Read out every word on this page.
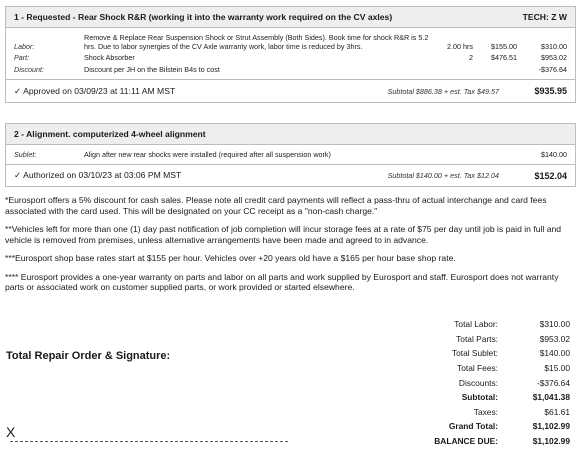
1 - Requested - Rear Shock R&R (working it into the warranty work required on the CV axles)	TECH: Z W
Labor:
Remove & Replace Rear Suspension Shock or Strut Assembly (Both Sides). Book time for shock R&R is 5.2 hrs. Due to labor synergies of the CV Axle warranty work, labor time is reduced by 3hrs.	2.00 hrs	$155.00	$310.00
Part:	Shock Absorber	2	$476.51	$953.02
Discount:	Discount per JH on the Bilstein B4s to cost	-$376.64
✓ Approved on 03/09/23 at 11:11 AM MST	Subtotal $886.38 + est. Tax $49.57	$935.95
2 - Alignment. computerized 4-wheel alignment
Sublet:	Align after new rear shocks were installed (required after all suspension work)	$140.00
✓ Authorized on 03/10/23 at 03:06 PM MST	Subtotal $140.00 + est. Tax $12.04	$152.04

*Eurosport offers a 5% discount for cash sales. Please note all credit card payments will reflect a pass-thru of actual interchange and card fees associated with the card used. This will be designated on your CC receipt as a "non-cash charge."

**Vehicles left for more than one (1) day past notification of job completion will incur storage fees at a rate of $75 per day until job is paid in full and vehicle is removed from premises, unless alternative arrangements have been made and agreed to in advance.

***Eurosport shop base rates start at $155 per hour. Vehicles over +20 years old have a $165 per hour base shop rate.

**** Eurosport provides a one-year warranty on parts and labor on all parts and work supplied by Eurosport and staff. Eurosport does not warranty parts or associated work on customer supplied parts, or work provided or started elsewhere.

Total Repair Order & Signature:
X
Total Labor:	$310.00
Total Parts:	$953.02
Total Sublet:	$140.00
Total Fees:	$15.00
Discounts:	-$376.64
Subtotal:	$1,041.38
Taxes:	$61.61
Grand Total:	$1,102.99
BALANCE DUE:	$1,102.99
